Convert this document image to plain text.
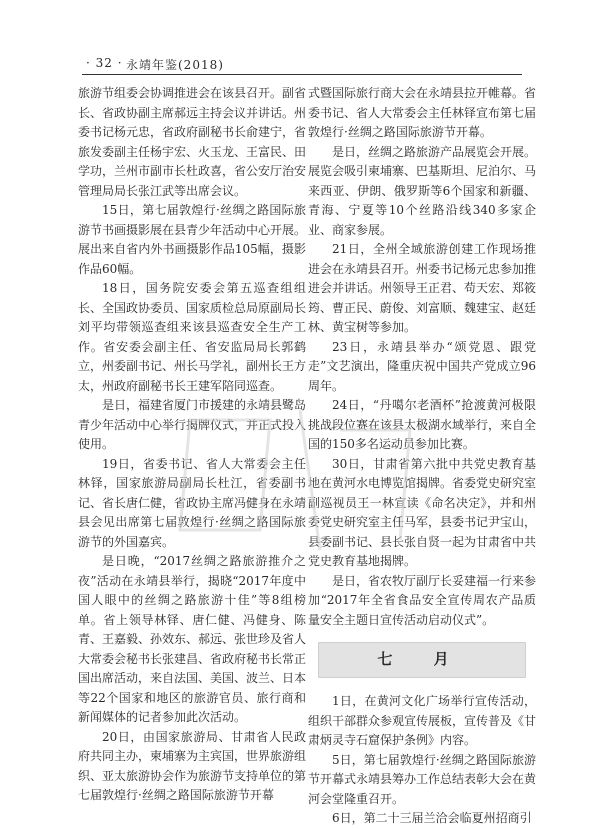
· 32 · 永靖年鉴(2018)

旅游节组委会协调推进会在该县召开。副省长、省政协副主席郝远主持会议并讲话。州委书记杨元忠，省政府副秘书长俞建宁，省旅发委副主任杨宇宏、火玉龙、王富民、田学功，兰州市副市长杜政喜，省公安厅治安管理局局长张江武等出席会议。

15日，第七届敦煌行·丝绸之路国际旅游节书画摄影展在县青少年活动中心开展。展出来自省内外书画摄影作品105幅，摄影作品60幅。

18日，国务院安委会第五巡查组组长、全国政协委员、国家质检总局原副局长刘平均带领巡查组来该县巡查安全生产工作。省安委会副主任、省安监局局长郭鹤立，州委副书记、州长马学礼，副州长王方太，州政府副秘书长王建军陪同巡查。

是日，福建省厦门市援建的永靖县鹭岛青少年活动中心举行揭牌仪式，并正式投入使用。

19日，省委书记、省人大常委会主任林铎，国家旅游局副局长杜江，省委副书记、省长唐仁健，省政协主席冯健身在永靖县会见出席第七届敦煌行·丝绸之路国际旅游节的外国嘉宾。

是日晚，“2017丝绸之路旅游推介之夜”活动在永靖县举行，揭晓“2017年度中国人眼中的丝绸之路旅游十佳”等8组榜单。省上领导林铎、唐仁健、冯健身、陈青、王嘉毅、孙效东、郝远、张世珍及省人大常委会秘书长张建昌、省政府秘书长常正国出席活动，来自法国、美国、波兰、日本等22个国家和地区的旅游官员、旅行商和新闻媒体的记者参加此次活动。

20日，由国家旅游局、甘肃省人民政府共同主办，柬埔寨为主宾国，世界旅游组织、亚太旅游协会作为旅游节支持单位的第七届敦煌行·丝绸之路国际旅游节开幕

式暨国际旅行商大会在永靖县拉开帷幕。省委书记、省人大常委会主任林铎宣布第七届敦煌行·丝绸之路国际旅游节开幕。

是日，丝绸之路旅游产品展览会开展。展览会吸引柬埔寨、巴基斯坦、尼泊尔、马来西亚、伊朗、俄罗斯等6个国家和新疆、青海、宁夏等10个丝路沿线340多家企业、商家参展。

21日，全州全域旅游创建工作现场推进会在永靖县召开。州委书记杨元忠参加推进会并讲话。州领导王正君、苟天宏、郑筱筠、曹正民、蔚俊、刘富顺、魏建宝、赵廷林、黄宝树等参加。

23日，永靖县举办“颂党恩、跟党走”文艺演出，隆重庆祝中国共产党成立96周年。

24日，“丹噶尔老酒杯”抢渡黄河极限挑战段位赛在该县太极湖水域举行，来自全国的150多名运动员参加比赛。

30日，甘肃省第六批中共党史教育基地在黄河水电博览馆揭牌。省委党史研究室副巡视员王一林宣读《命名决定》，并和州委党史研究室主任马军，县委书记尹宝山，县委副书记、县长张自贤一起为甘肃省中共党史教育基地揭牌。

是日，省农牧厅副厅长妥建福一行来参加“2017年全省食品安全宣传周农产品质量安全主题日宣传活动启动仪式”。

七 月

1日，在黄河文化广场举行宣传活动，组织干部群众参观宣传展板，宣传普及《甘肃炳灵寺石窟保护条例》内容。

5日，第七届敦煌行·丝绸之路国际旅游节开幕式永靖县筹办工作总结表彰大会在黄河会堂隆重召开。

6日，第二十三届兰洽会临夏州招商引
